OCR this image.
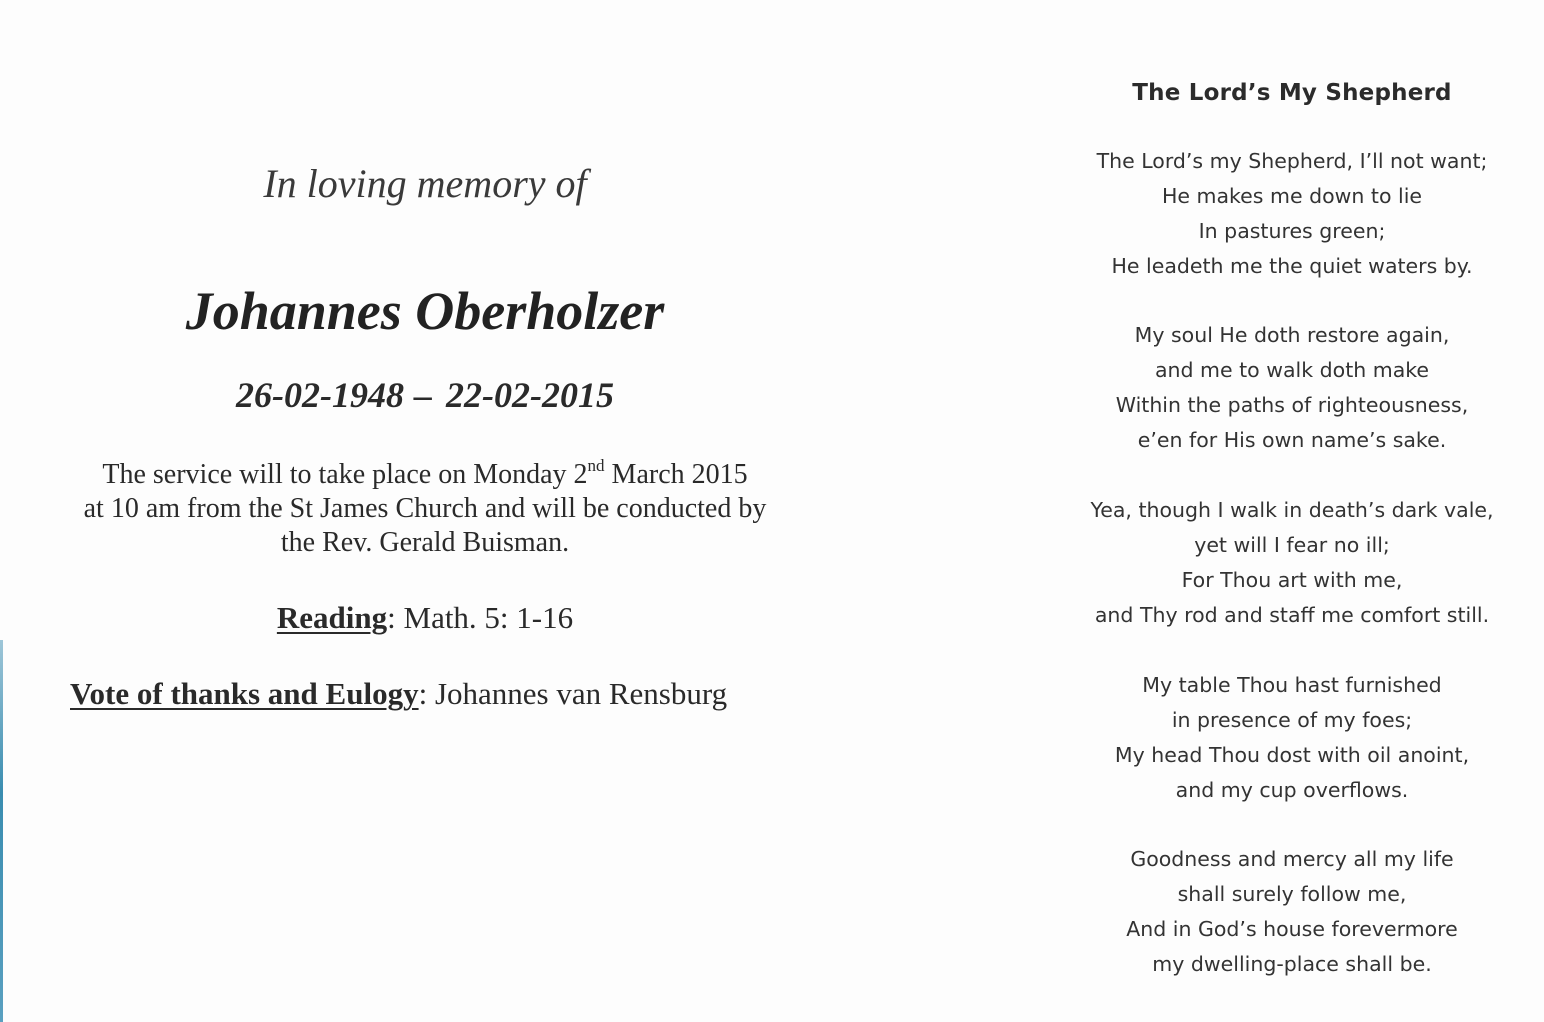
In loving memory of
Johannes Oberholzer
26-02-1948 – 22-02-2015
The service will to take place on Monday 2nd March 2015
at 10 am from the St James Church and will be conducted by
the Rev. Gerald Buisman.
Reading: Math. 5: 1-16
Vote of thanks and Eulogy: Johannes van Rensburg
The Lord’s My Shepherd
The Lord’s my Shepherd, I’ll not want;
He makes me down to lie
In pastures green;
He leadeth me the quiet waters by.
My soul He doth restore again,
and me to walk doth make
Within the paths of righteousness,
e’en for His own name’s sake.
Yea, though I walk in death’s dark vale,
yet will I fear no ill;
For Thou art with me,
and Thy rod and staff me comfort still.
My table Thou hast furnished
in presence of my foes;
My head Thou dost with oil anoint,
and my cup overflows.
Goodness and mercy all my life
shall surely follow me,
And in God’s house forevermore
my dwelling-place shall be.
